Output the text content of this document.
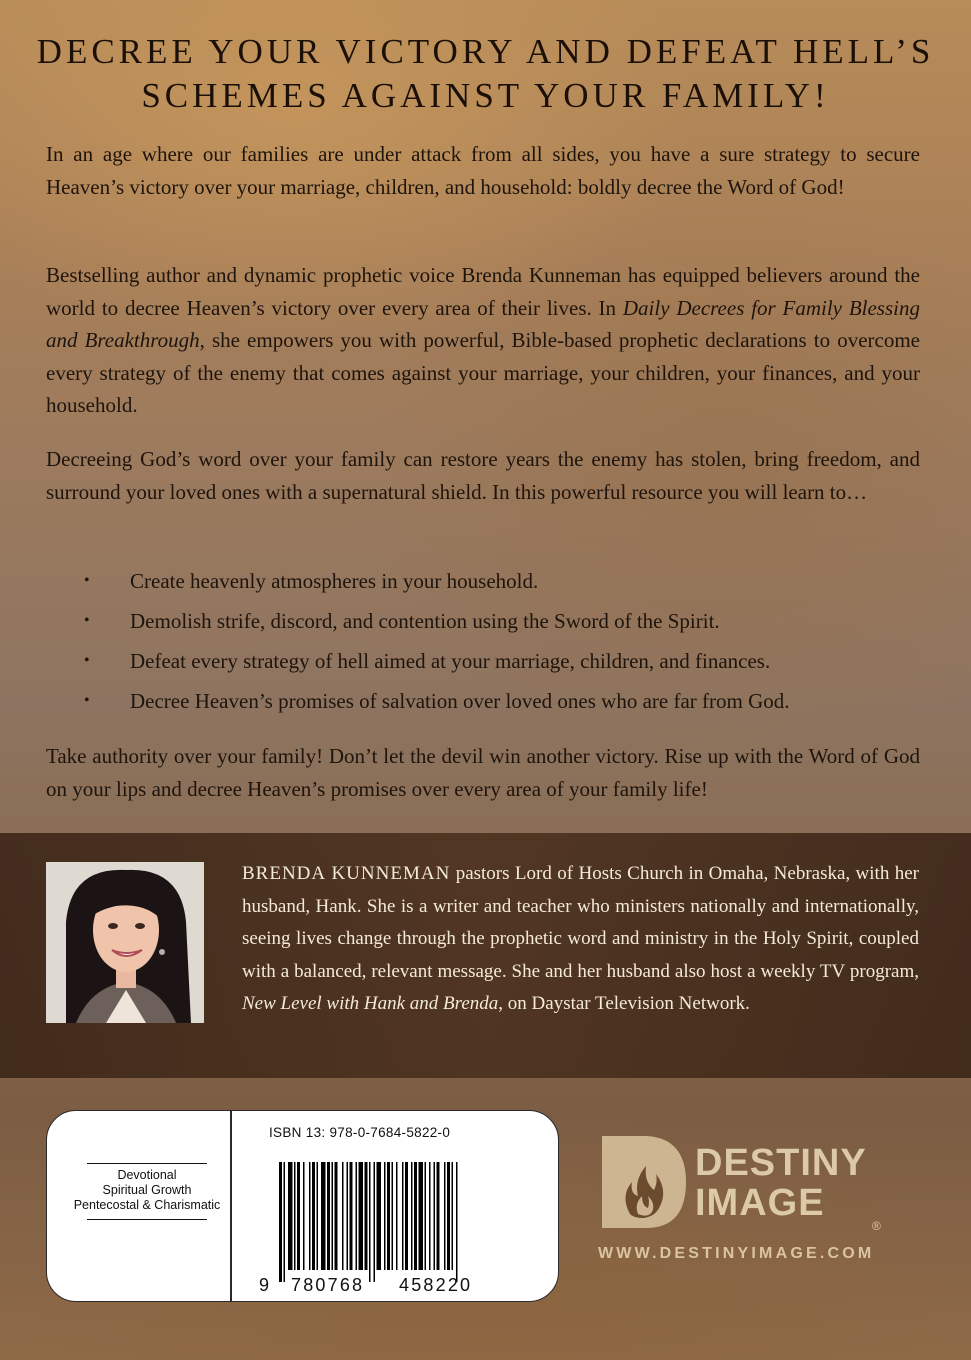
DECREE YOUR VICTORY AND DEFEAT HELL’S
SCHEMES AGAINST YOUR FAMILY!

In an age where our families are under attack from all sides, you have a sure strategy to secure Heaven’s victory over your marriage, children, and household: boldly decree the Word of God!

Bestselling author and dynamic prophetic voice Brenda Kunneman has equipped believers around the world to decree Heaven’s victory over every area of their lives. In Daily Decrees for Family Blessing and Breakthrough, she empowers you with powerful, Bible-based prophetic declarations to overcome every strategy of the enemy that comes against your marriage, your children, your finances, and your household.

Decreeing God’s word over your family can restore years the enemy has stolen, bring freedom, and surround your loved ones with a supernatural shield. In this powerful resource you will learn to…

• Create heavenly atmospheres in your household.
• Demolish strife, discord, and contention using the Sword of the Spirit.
• Defeat every strategy of hell aimed at your marriage, children, and finances.
• Decree Heaven’s promises of salvation over loved ones who are far from God.

Take authority over your family! Don’t let the devil win another victory. Rise up with the Word of God on your lips and decree Heaven’s promises over every area of your family life!

BRENDA KUNNEMAN pastors Lord of Hosts Church in Omaha, Nebraska, with her husband, Hank. She is a writer and teacher who ministers nationally and internationally, seeing lives change through the prophetic word and ministry in the Holy Spirit, coupled with a balanced, relevant message. She and her husband also host a weekly TV program, New Level with Hank and Brenda, on Daystar Television Network.

Devotional
Spiritual Growth
Pentecostal & Charismatic
ISBN 13: 978-0-7684-5822-0
9 780768 458220
DESTINY
IMAGE
®
WWW.DESTINYIMAGE.COM
